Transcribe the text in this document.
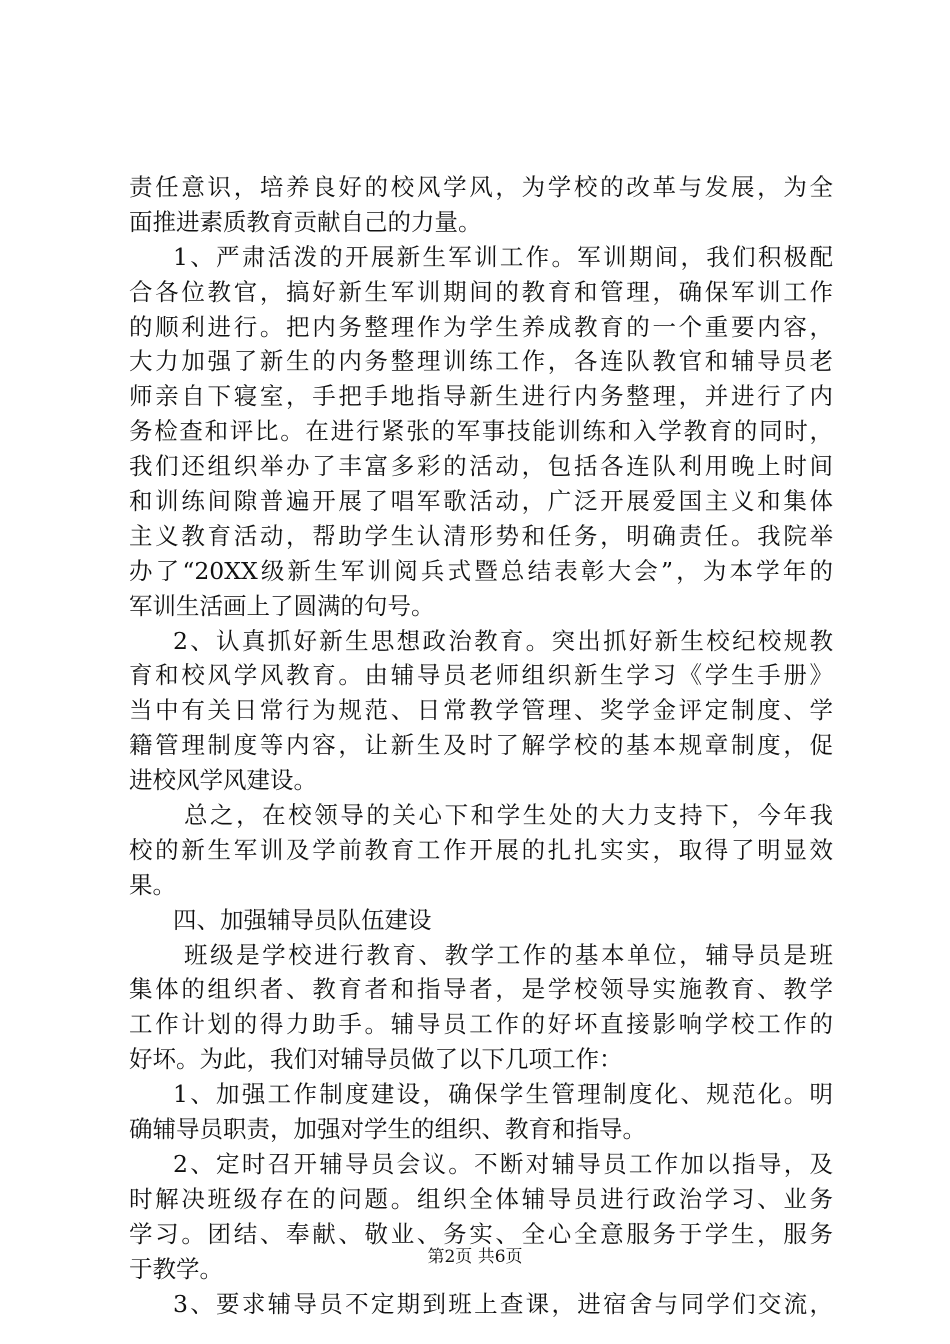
责任意识，培养良好的校风学风，为学校的改革与发展，为全
面推进素质教育贡献自己的力量。
1、严肃活泼的开展新生军训工作。军训期间，我们积极配
合各位教官，搞好新生军训期间的教育和管理，确保军训工作
的顺利进行。把内务整理作为学生养成教育的一个重要内容，
大力加强了新生的内务整理训练工作，各连队教官和辅导员老
师亲自下寝室，手把手地指导新生进行内务整理，并进行了内
务检查和评比。在进行紧张的军事技能训练和入学教育的同时，
我们还组织举办了丰富多彩的活动，包括各连队利用晚上时间
和训练间隙普遍开展了唱军歌活动，广泛开展爱国主义和集体
主义教育活动，帮助学生认清形势和任务，明确责任。我院举
办了“20XX级新生军训阅兵式暨总结表彰大会”，为本学年的
军训生活画上了圆满的句号。
2、认真抓好新生思想政治教育。突出抓好新生校纪校规教
育和校风学风教育。由辅导员老师组织新生学习《学生手册》
当中有关日常行为规范、日常教学管理、奖学金评定制度、学
籍管理制度等内容，让新生及时了解学校的基本规章制度，促
进校风学风建设。
总之，在校领导的关心下和学生处的大力支持下，今年我
校的新生军训及学前教育工作开展的扎扎实实，取得了明显效
果。
四、加强辅导员队伍建设
班级是学校进行教育、教学工作的基本单位，辅导员是班
集体的组织者、教育者和指导者，是学校领导实施教育、教学
工作计划的得力助手。辅导员工作的好坏直接影响学校工作的
好坏。为此，我们对辅导员做了以下几项工作：
1、加强工作制度建设，确保学生管理制度化、规范化。明
确辅导员职责，加强对学生的组织、教育和指导。
2、定时召开辅导员会议。不断对辅导员工作加以指导，及
时解决班级存在的问题。组织全体辅导员进行政治学习、业务
学习。团结、奉献、敬业、务实、全心全意服务于学生，服务
于教学。
3、要求辅导员不定期到班上查课，进宿舍与同学们交流，
第2页 共6页
